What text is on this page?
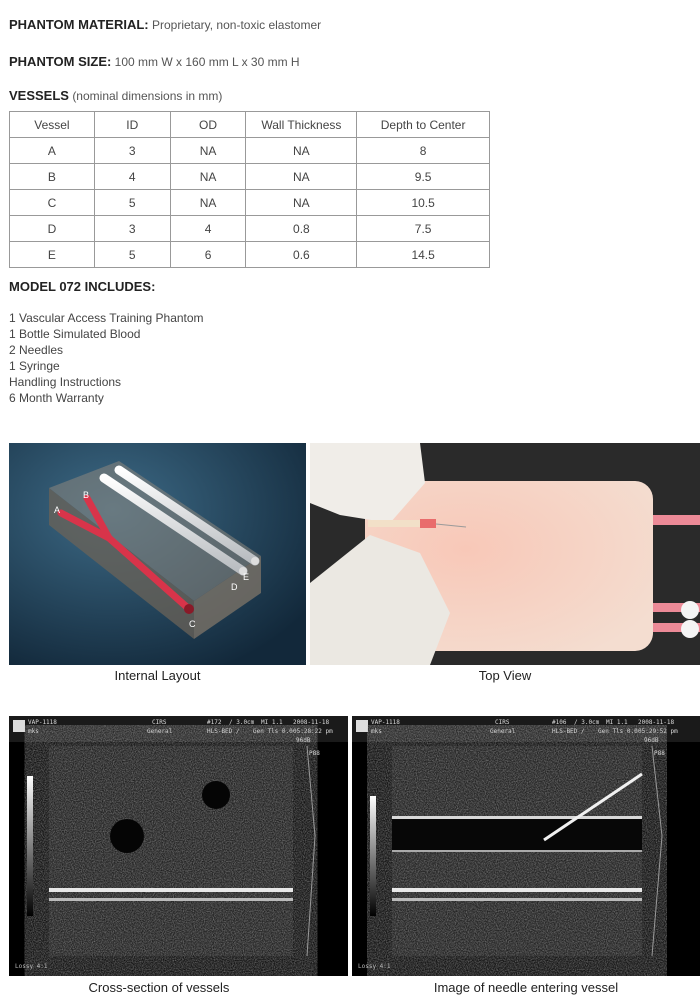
PHANTOM MATERIAL: Proprietary, non-toxic elastomer
PHANTOM SIZE: 100 mm W x 160 mm L x 30 mm H
VESSELS (nominal dimensions in mm)
Vessel	ID	OD	Wall Thickness	Depth to Center
A	3	NA	NA	8
B	4	NA	NA	9.5
C	5	NA	NA	10.5
D	3	4	0.8	7.5
E	5	6	0.6	14.5
MODEL 072 INCLUDES:
1 Vascular Access Training Phantom
1 Bottle Simulated Blood
2 Needles
1 Syringe
Handling Instructions
6 Month Warranty
A
B
C
D
E
Internal Layout	Top View
VAP-1118
mks
CIRS
General
#172 / 3.0cm MI 1.1 2008-11-18
HLS-BED / Gen Tls 0.0 05:28:22 pm
96dB
P88
Lossy 4:1
Cross-section of vessels
VAP-1118
mks
CIRS
General
#106 / 3.0cm MI 1.1 2008-11-18
HLS-BED / Gen Tls 0.0 05:29:52 pm
96dB
P88
Lossy 4:1
Image of needle entering vessel
